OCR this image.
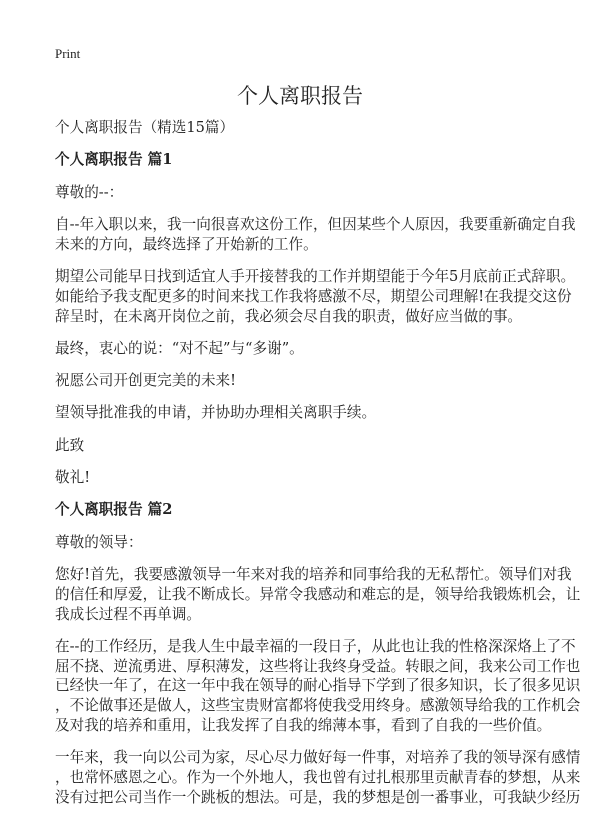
Print
个人离职报告
个人离职报告（精选15篇）
个人离职报告 篇1
尊敬的--：
自--年入职以来，我一向很喜欢这份工作，但因某些个人原因，我要重新确定自我
未来的方向，最终选择了开始新的工作。
期望公司能早日找到适宜人手开接替我的工作并期望能于今年5月底前正式辞职。
如能给予我支配更多的时间来找工作我将感激不尽，期望公司理解!在我提交这份
辞呈时，在未离开岗位之前，我必须会尽自我的职责，做好应当做的事。
最终，衷心的说：“对不起”与“多谢”。
祝愿公司开创更完美的未来!
望领导批准我的申请，并协助办理相关离职手续。
此致
敬礼!
个人离职报告 篇2
尊敬的领导：
您好!首先，我要感激领导一年来对我的培养和同事给我的无私帮忙。领导们对我
的信任和厚爱，让我不断成长。异常令我感动和难忘的是，领导给我锻炼机会，让
我成长过程不再单调。
在--的工作经历，是我人生中最幸福的一段日子，从此也让我的性格深深烙上了不
屈不挠、逆流勇进、厚积薄发，这些将让我终身受益。转眼之间，我来公司工作也
已经快一年了，在这一年中我在领导的耐心指导下学到了很多知识，长了很多见识
，不论做事还是做人，这些宝贵财富都将使我受用终身。感激领导给我的工作机会
及对我的培养和重用，让我发挥了自我的绵薄本事，看到了自我的一些价值。
一年来，我一向以公司为家，尽心尽力做好每一件事，对培养了我的领导深有感情
，也常怀感恩之心。作为一个外地人，我也曾有过扎根那里贡献青春的梦想，从来
没有过把公司当作一个跳板的想法。可是，我的梦想是创一番事业，可我缺少经历
